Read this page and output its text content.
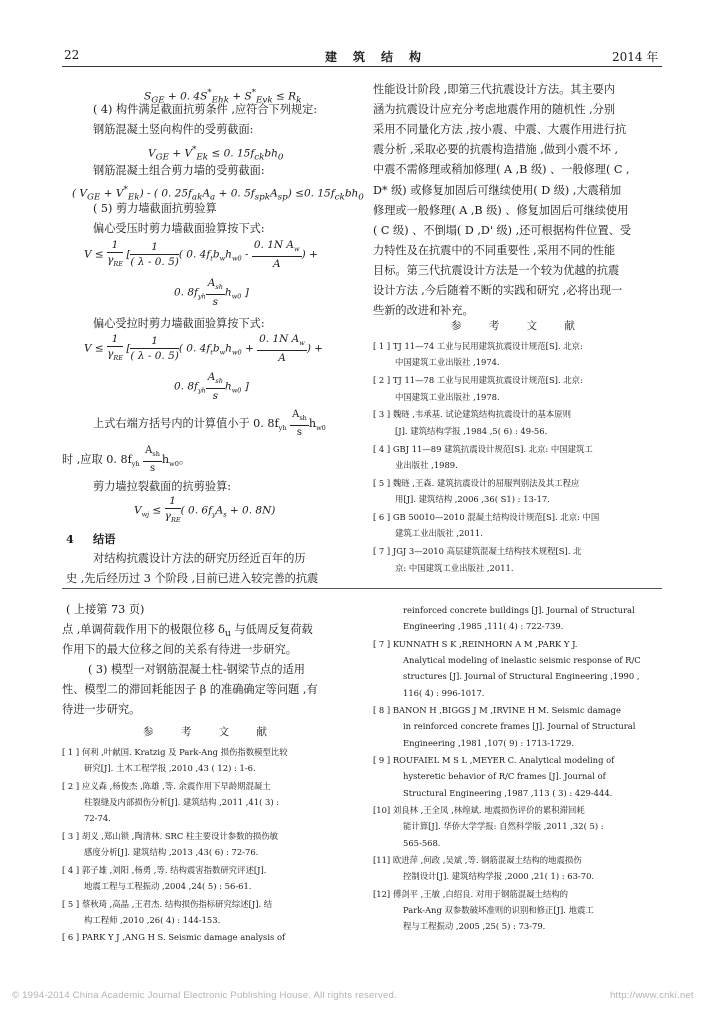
22	建　筑　结　构	2014 年
$S_{GE} + 0$. $4S^*_{Ehk} + S^*_{Evk} \le R_k$
( 4) 构件满足截面抗剪条件 ,应符合下列规定:
钢筋混凝土竖向构件的受剪截面:
$V_{GE} + V^*_{Ek} \le 0$. $15f_{ck}bh_0$
钢筋混凝土组合剪力墙的受剪截面:
( $V_{GE} + V^*_{Ek}$) - ( 0. $25f_{ak}A_a + 0$. $5f_{spk}A_{sp}) \le 0$. $15f_{ck}bh_0$
( 5) 剪力墙截面抗剪验算
偏心受压时剪力墙截面验算按下式:
$V \le \frac{1}{\gamma_{RE}}$ [ $\frac{1}{( \lambda - 0. 5)}$ ( 0. $4f_tb_wh_{w0} - \frac{0. 1N A_w}{A}$ ) +
0. $8f_{yh} \frac{A_{sh}}{s} h_{w0}$ ]
偏心受拉时剪力墙截面验算按下式:
$V \le \frac{1}{\gamma_{RE}}$ [ $\frac{1}{( \lambda - 0. 5)}$ ( 0. $4f_tb_wh_{w0} + \frac{0. 1N A_w}{A}$ ) +
0. $8f_{yh} \frac{A_{sh}}{s} h_{w0}$ ]
上式右端方括号内的计算值小于 0. $8f_{yh} \frac{A_{sh}}{s} h_{w0}$
时 ,应取 0. $8f_{yh} \frac{A_{sh}}{s} h_{w0}$。
剪力墙拉裂截面的抗剪验算:
$V_{wj} \le \frac{1}{\gamma_{RE}}$ ( 0. $6f_yA_s + 0$. 8N)
4 结语
对结构抗震设计方法的研究历经近百年的历
史 ,先后经历过 3 个阶段 ,目前已进入较完善的抗震
性能设计阶段 ,即第三代抗震设计方法。其主要内
涵为抗震设计应充分考虑地震作用的随机性 ,分别
采用不同量化方法 ,按小震、中震、大震作用进行抗
震分析 ,采取必要的抗震构造措施 ,做到小震不坏 ,
中震不需修理或稍加修理( A ,B 级) 、一般修理( C ,
D* 级) 或修复加固后可继续使用( D 级) ,大震稍加
修理或一般修理( A ,B 级) 、修复加固后可继续使用
( C 级) 、不倒塌( D ,D' 级) ,还可根据构件位置、受
力特性及在抗震中的不同重要性 ,采用不同的性能
目标。第三代抗震设计方法是一个较为优越的抗震
设计方法 ,今后随着不断的实践和研究 ,必将出现一
些新的改进和补充。
参 考 文 献
[ 1 ] TJ 11—74 工业与民用建筑抗震设计规范[S]. 北京:
中国建筑工业出版社 ,1974.
[ 2 ] TJ 11—78 工业与民用建筑抗震设计规范[S]. 北京:
中国建筑工业出版社 ,1978.
[ 3 ] 魏琏 ,韦承基. 试论建筑结构抗震设计的基本原则
[J]. 建筑结构学报 ,1984 ,5( 6) : 49-56.
[ 4 ] GBJ 11—89 建筑抗震设计规范[S]. 北京: 中国建筑工
业出版社 ,1989.
[ 5 ] 魏琏 ,王森. 建筑抗震设计的屈服判别法及其工程应
用[J]. 建筑结构 ,2006 ,36( S1) : 13-17.
[ 6 ] GB 50010—2010 混凝土结构设计规范[S]. 北京: 中国
建筑工业出版社 ,2011.
[ 7 ] JGJ 3—2010 高层建筑混凝土结构技术规程[S]. 北
京: 中国建筑工业出版社 ,2011.
( 上接第 73 页)
点 ,单调荷载作用下的极限位移 $\delta_u$ 与低周反复荷载
作用下的最大位移之间的关系有待进一步研究。
( 3) 模型一对钢筋混凝土柱-钢梁节点的适用
性、模型二的滞回耗能因子 β 的准确确定等问题 ,有
待进一步研究。
参 考 文 献
[ 1 ] 何利 ,叶献国. Kratzig 及 Park-Ang 损伤指数模型比较
研究[J]. 土木工程学报 ,2010 ,43 ( 12) : 1-6.
[ 2 ] 应义森 ,杨俊杰 ,陈雄 ,等. 余震作用下早龄期混凝土
柱裂缝及内部损伤分析[J]. 建筑结构 ,2011 ,41( 3) :
72-74.
[ 3 ] 胡义 ,郑山锁 ,陶清林. SRC 柱主要设计参数的损伤敏
感度分析[J]. 建筑结构 ,2013 ,43( 6) : 72-76.
[ 4 ] 郭子雄 ,刘阳 ,杨勇 ,等. 结构震害指数研究评述[J].
地震工程与工程振动 ,2004 ,24( 5) : 56-61.
[ 5 ] 蔡秋琦 ,高晶 ,王君杰. 结构损伤指标研究综述[J]. 结
构工程师 ,2010 ,26( 4) : 144-153.
[ 6 ] PARK Y J ,ANG H S. Seismic damage analysis of
reinforced concrete buildings [J]. Journal of Structural
Engineering ,1985 ,111( 4) : 722-739.
[ 7 ] KUNNATH S K ,REINHORN A M ,PARK Y J.
Analytical modeling of inelastic seismic response of R/C
structures [J]. Journal of Structural Engineering ,1990 ,
116( 4) : 996-1017.
[ 8 ] BANON H ,BIGGS J M ,IRVINE H M. Seismic damage
in reinforced concrete frames [J]. Journal of Structural
Engineering ,1981 ,107( 9) : 1713-1729.
[ 9 ] ROUFAIEL M S L ,MEYER C. Analytical modeling of
hysteretic behavior of R/C frames [J]. Journal of
Structural Engineering ,1987 ,113 ( 3) : 429-444.
[10] 刘良林 ,王全凤 ,林煌斌. 地震损伤评价的累积滞回耗
能计算[J]. 华侨大学学报: 自然科学版 ,2011 ,32( 5) :
565-568.
[11] 欧进萍 ,何政 ,吴斌 ,等. 钢筋混凝土结构的地震损伤
控制设计[J]. 建筑结构学报 ,2000 ,21( 1) : 63-70.
[12] 傅剑平 ,王敏 ,白绍良. 对用于钢筋混凝土结构的
Park-Ang 双参数破坏准则的识别和修正[J]. 地震工
程与工程振动 ,2005 ,25( 5) : 73-79.
© 1994-2014 China Academic Journal Electronic Publishing House. All rights reserved.	http://www.cnki.net
